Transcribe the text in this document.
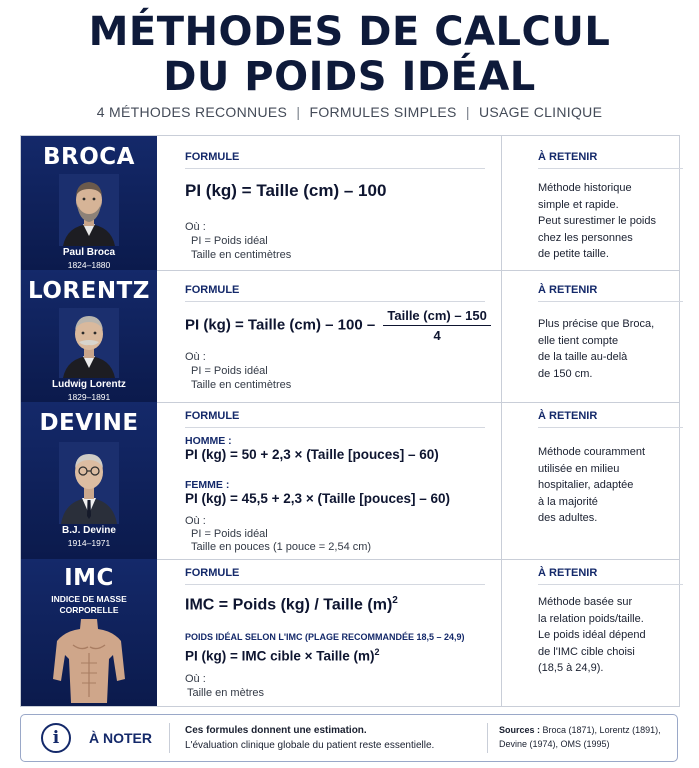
MÉTHODES DE CALCUL
DU POIDS IDÉAL
4 MÉTHODES RECONNUES | FORMULES SIMPLES | USAGE CLINIQUE
BROCA
Paul Broca
1824–1880
FORMULE
PI (kg) = Taille (cm) – 100
Où :
PI = Poids idéal
Taille en centimètres
À RETENIR
Méthode historique
simple et rapide.
Peut surestimer le poids
chez les personnes
de petite taille.
LORENTZ
Ludwig Lorentz
1829–1891
FORMULE
PI (kg) = Taille $(cm) - 100 - \frac{\text{Taille (cm) – 150}}{4}$
Où :
PI = Poids idéal
Taille en centimètres
À RETENIR
Plus précise que Broca,
elle tient compte
de la taille au-delà
de 150 cm.
DEVINE
B.J. Devine
1914–1971
FORMULE
HOMME :
PI (kg) = 50 + 2,3 × (Taille [pouces] – 60)
FEMME :
PI (kg) = 45,5 + 2,3 × (Taille [pouces] – 60)
Où :
PI = Poids idéal
Taille en pouces (1 pouce = 2,54 cm)
À RETENIR
Méthode couramment
utilisée en milieu
hospitalier, adaptée
à la majorité
des adultes.
IMC
INDICE DE MASSE
CORPORELLE
FORMULE
IMC = Poids (kg) / Taille $(m)^2$
POIDS IDÉAL SELON L'IMC (PLAGE RECOMMANDÉE 18,5 – 24,9)
PI (kg) = IMC cible × Taille $(m)^2$
Où :
Taille en mètres
À RETENIR
Méthode basée sur
la relation poids/taille.
Le poids idéal dépend
de l'IMC cible choisi
(18,5 à 24,9).
i	À NOTER	Ces formules donnent une estimation.
L'évaluation clinique globale du patient reste essentielle.
Sources : Broca (1871), Lorentz (1891), Devine (1974), OMS (1995)
